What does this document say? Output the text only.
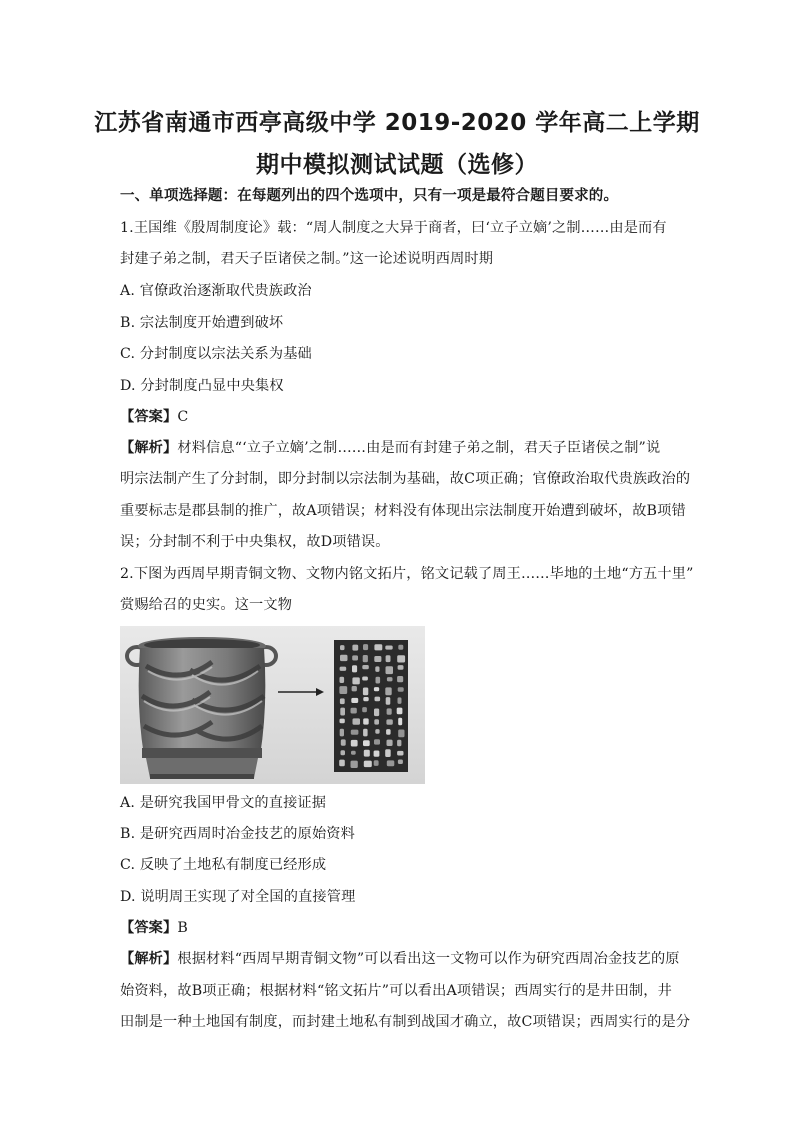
江苏省南通市西亭高级中学 2019-2020 学年高二上学期
期中模拟测试试题（选修）
一、单项选择题：在每题列出的四个选项中，只有一项是最符合题目要求的。
1.王国维《殷周制度论》载：“周人制度之大异于商者，曰‘立子立嫡’之制……由是而有
封建子弟之制，君天子臣诸侯之制。”这一论述说明西周时期
A. 官僚政治逐渐取代贵族政治
B. 宗法制度开始遭到破坏
C. 分封制度以宗法关系为基础
D. 分封制度凸显中央集权
【答案】C
【解析】材料信息“‘立子立嫡’之制……由是而有封建子弟之制，君天子臣诸侯之制”说
明宗法制产生了分封制，即分封制以宗法制为基础，故C项正确；官僚政治取代贵族政治的
重要标志是郡县制的推广，故A项错误；材料没有体现出宗法制度开始遭到破坏，故B项错
误；分封制不利于中央集权，故D项错误。
2.下图为西周早期青铜文物、文物内铭文拓片，铭文记载了周王……毕地的土地“方五十里”
赏赐给召的史实。这一文物
A. 是研究我国甲骨文的直接证据
B. 是研究西周时冶金技艺的原始资料
C. 反映了土地私有制度已经形成
D. 说明周王实现了对全国的直接管理
【答案】B
【解析】根据材料“西周早期青铜文物”可以看出这一文物可以作为研究西周冶金技艺的原
始资料，故B项正确；根据材料“铭文拓片”可以看出A项错误；西周实行的是井田制，井
田制是一种土地国有制度，而封建土地私有制到战国才确立，故C项错误；西周实行的是分
